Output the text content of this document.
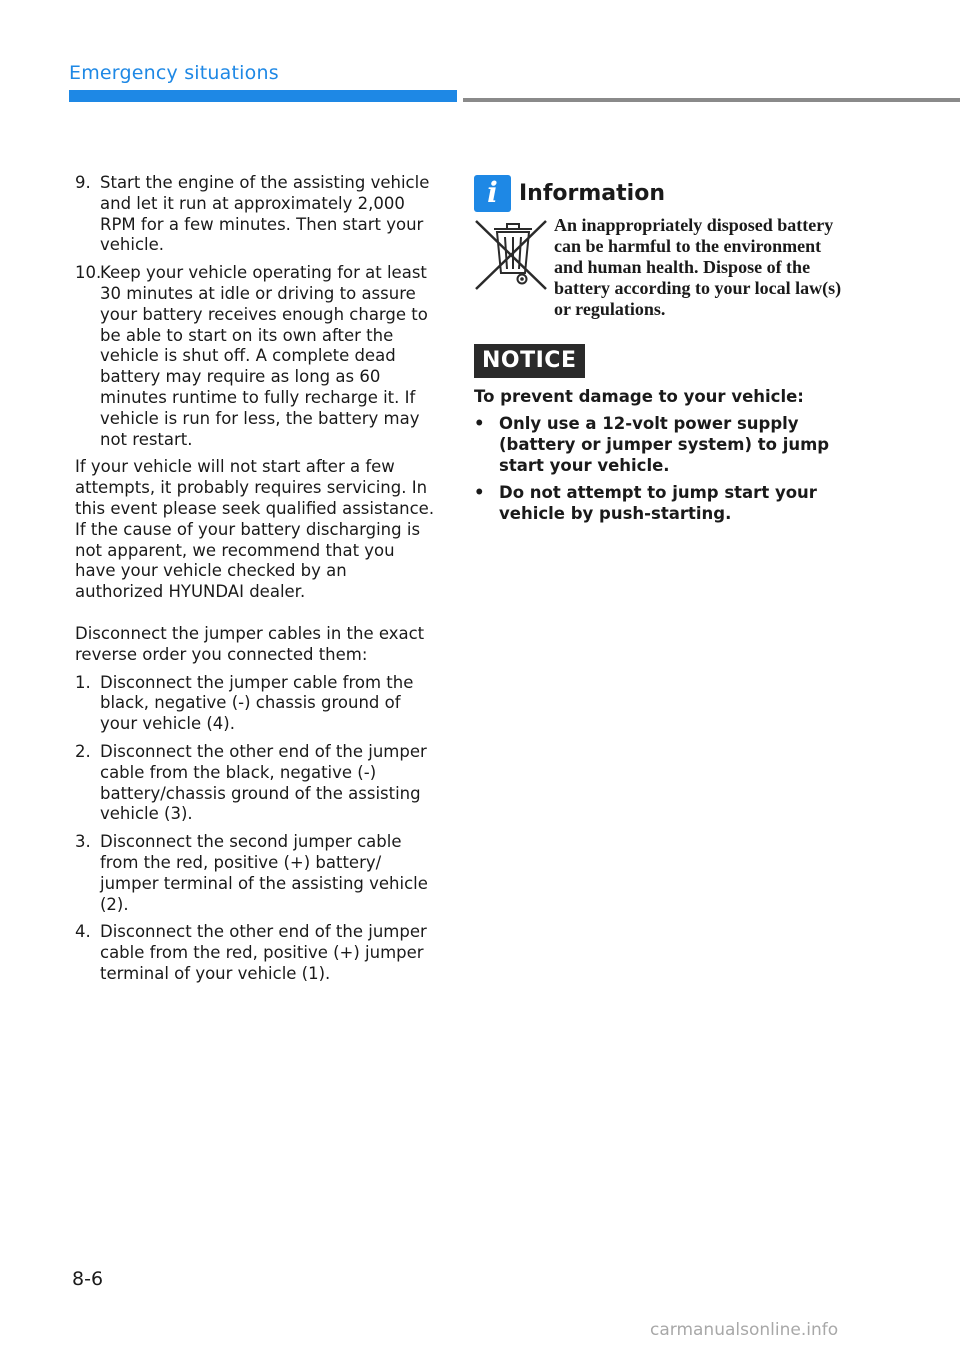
Emergency situations
9. Start the engine of the assisting vehicle and let it run at approximately 2,000 RPM for a few minutes. Then start your vehicle.
10.
Keep your vehicle operating for at least 30 minutes at idle or driving to assure your battery receives enough charge to be able to start on its own after the vehicle is shut off. A complete dead battery may require as long as 60 minutes runtime to fully recharge it. If vehicle is run for less, the battery may not restart.

If your vehicle will not start after a few attempts, it probably requires servicing. In this event please seek qualified assistance. If the cause of your battery discharging is not apparent, we recommend that you have your vehicle checked by an authorized HYUNDAI dealer.

Disconnect the jumper cables in the exact reverse order you connected them:

1. Disconnect the jumper cable from the black, negative (-) chassis ground of your vehicle (4).
2. Disconnect the other end of the jumper cable from the black, negative (-) battery/chassis ground of the assisting vehicle (3).
3. Disconnect the second jumper cable from the red, positive (+) battery/ jumper terminal of the assisting vehicle (2).
4. Disconnect the other end of the jumper cable from the red, positive (+) jumper terminal of your vehicle (1).
i Information
An inappropriately disposed battery can be harmful to the environment and human health. Dispose of the battery according to your local law(s) or regulations.
NOTICE
To prevent damage to your vehicle:
• Only use a 12-volt power supply (battery or jumper system) to jump start your vehicle.
• Do not attempt to jump start your vehicle by push-starting.
8-6
carmanualsonline.info
